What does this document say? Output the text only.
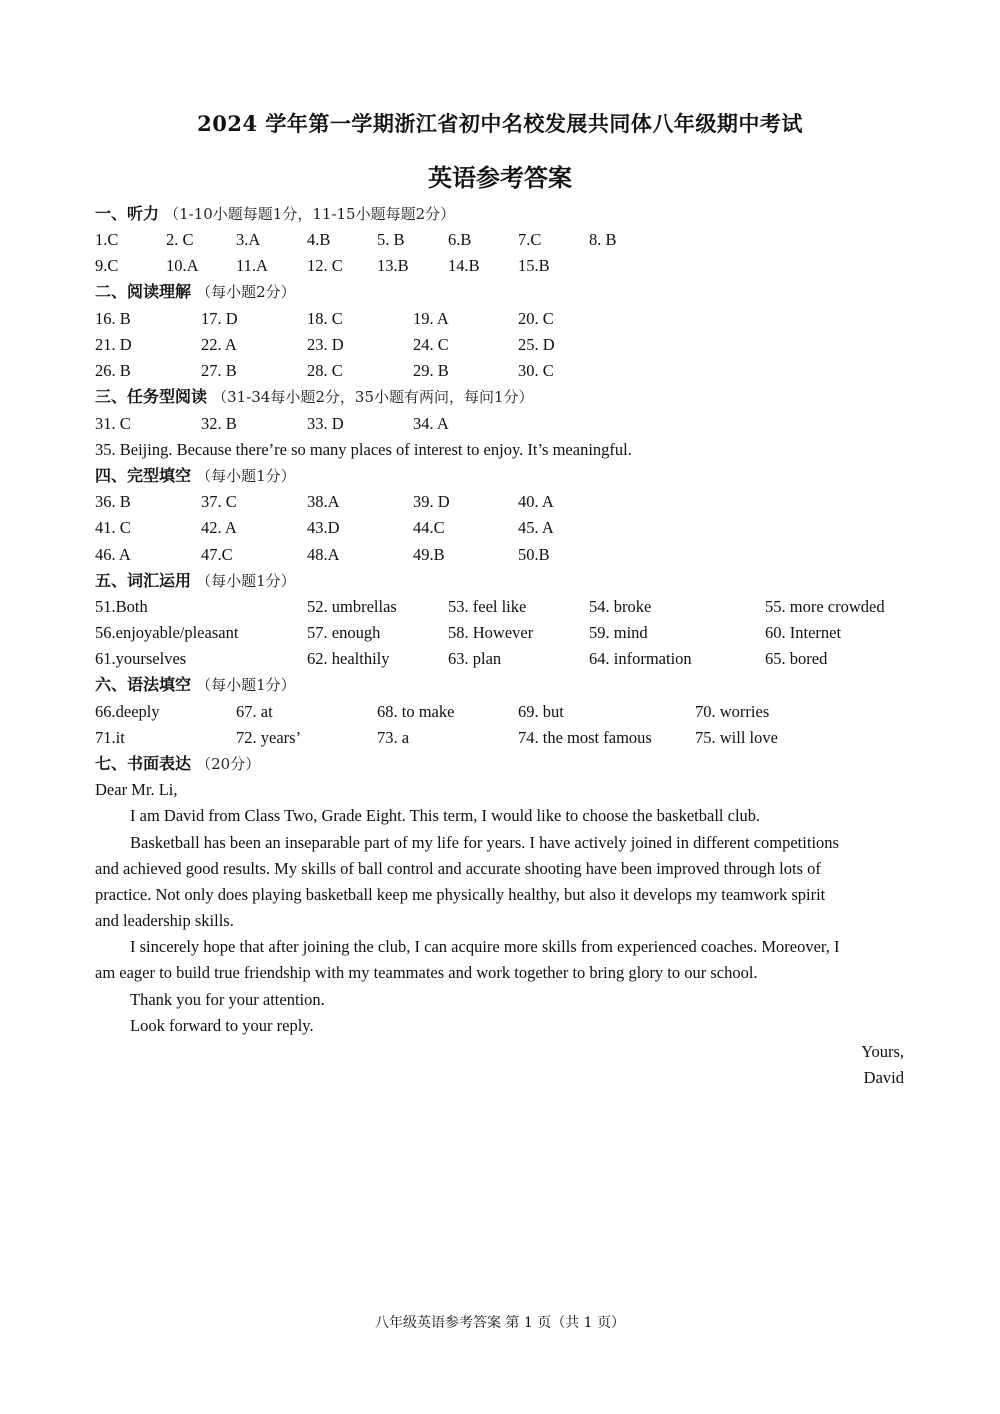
2024 学年第一学期浙江省初中名校发展共同体八年级期中考试
英语参考答案
一、听力 （1-10小题每题1分，11-15小题每题2分）
1.C	2. C	3.A	4.B	5. B	6.B	7.C	8. B
9.C	10.A 11.A 12. C 13.B 14.B 15.B
二、阅读理解 （每小题2分）
16. B	17. D	18. C	19. A	20. C
21. D	22. A	23. D	24. C	25. D
26. B	27. B	28. C	29. B	30. C
三、任务型阅读 （31-34每小题2分，35小题有两问，每问1分）
31. C	32. B	33. D	34. A
35. Beijing. Because there’re so many places of interest to enjoy. It’s meaningful.
四、完型填空 （每小题1分）
36. B	37. C	38.A	39. D	40. A
41. C	42. A	43.D	44.C	45. A
46. A	47.C	48.A	49.B	50.B
五、词汇运用 （每小题1分）
51.Both	52. umbrellas	53. feel like	54. broke	55. more crowded
56.enjoyable/pleasant	57. enough	58. However	59. mind	60. Internet
61.yourselves	62. healthily	63. plan	64. information	65. bored
六、语法填空 （每小题1分）
66.deeply	67. at	68. to make	69. but	70. worries
71.it	72. years’	73. a	74. the most famous	75. will love
七、书面表达 （20分）
Dear Mr. Li,
I am David from Class Two, Grade Eight. This term, I would like to choose the basketball club.
Basketball has been an inseparable part of my life for years. I have actively joined in different competitions
and achieved good results. My skills of ball control and accurate shooting have been improved through lots of
practice. Not only does playing basketball keep me physically healthy, but also it develops my teamwork spirit
and leadership skills.
I sincerely hope that after joining the club, I can acquire more skills from experienced coaches. Moreover, I
am eager to build true friendship with my teammates and work together to bring glory to our school.
Thank you for your attention.
Look forward to your reply.
Yours,
David
八年级英语参考答案 第 1 页（共 1 页）
